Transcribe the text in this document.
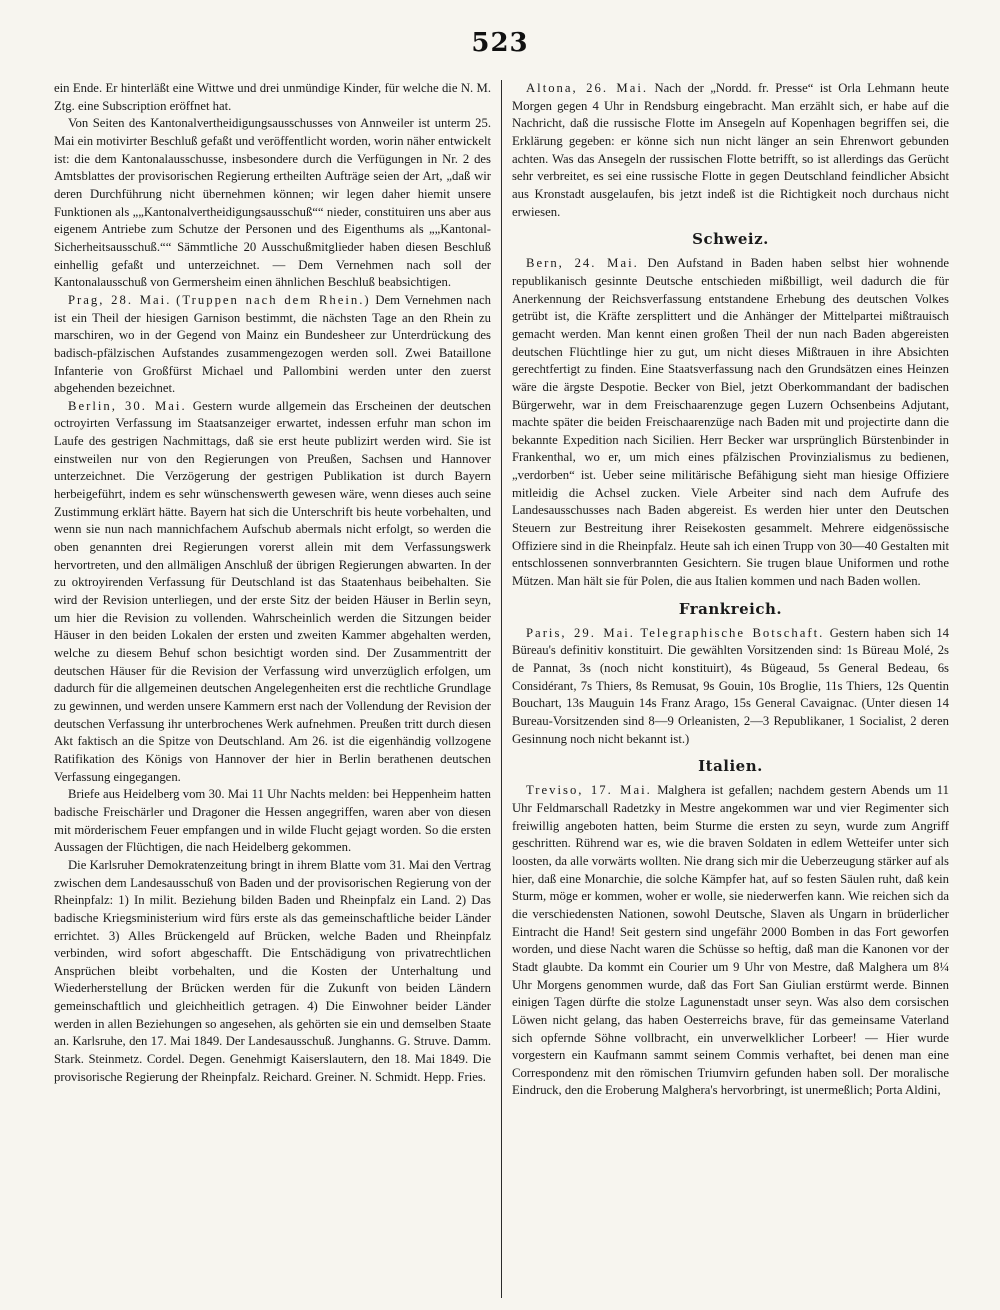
523

ein Ende. Er hinterläßt eine Wittwe und drei unmündige Kinder, für welche die N. M. Ztg. eine Subscription eröffnet hat.

Von Seiten des Kantonalvertheidigungsausschusses von Annweiler ist unterm 25. Mai ein motivirter Beschluß gefaßt und veröffentlicht worden, worin näher entwickelt ist: die dem Kantonalausschusse, insbesondere durch die Verfügungen in Nr. 2 des Amtsblattes der provisorischen Regierung ertheilten Aufträge seien der Art, „daß wir deren Durchführung nicht übernehmen können; wir legen daher hiemit unsere Funktionen als „„Kantonalvertheidigungsausschuß““ nieder, constituiren uns aber aus eigenem Antriebe zum Schutze der Personen und des Eigenthums als „„Kantonal-Sicherheitsausschuß.““ Sämmtliche 20 Ausschußmitglieder haben diesen Beschluß einhellig gefaßt und unterzeichnet. — Dem Vernehmen nach soll der Kantonalausschuß von Germersheim einen ähnlichen Beschluß beabsichtigen.

Prag, 28. Mai. (Truppen nach dem Rhein.) Dem Vernehmen nach ist ein Theil der hiesigen Garnison bestimmt, die nächsten Tage an den Rhein zu marschiren, wo in der Gegend von Mainz ein Bundesheer zur Unterdrückung des badisch-pfälzischen Aufstandes zusammengezogen werden soll. Zwei Bataillone Infanterie von Großfürst Michael und Pallombini werden unter den zuerst abgehenden bezeichnet.

Berlin, 30. Mai. Gestern wurde allgemein das Erscheinen der deutschen octroyirten Verfassung im Staatsanzeiger erwartet, indessen erfuhr man schon im Laufe des gestrigen Nachmittags, daß sie erst heute publizirt werden wird. Sie ist einstweilen nur von den Regierungen von Preußen, Sachsen und Hannover unterzeichnet. Die Verzögerung der gestrigen Publikation ist durch Bayern herbeigeführt, indem es sehr wünschenswerth gewesen wäre, wenn dieses auch seine Zustimmung erklärt hätte. Bayern hat sich die Unterschrift bis heute vorbehalten, und wenn sie nun nach mannichfachem Aufschub abermals nicht erfolgt, so werden die oben genannten drei Regierungen vorerst allein mit dem Verfassungswerk hervortreten, und den allmäligen Anschluß der übrigen Regierungen abwarten. In der zu oktroyirenden Verfassung für Deutschland ist das Staatenhaus beibehalten. Sie wird der Revision unterliegen, und der erste Sitz der beiden Häuser in Berlin seyn, um hier die Revision zu vollenden. Wahrscheinlich werden die Sitzungen beider Häuser in den beiden Lokalen der ersten und zweiten Kammer abgehalten werden, welche zu diesem Behuf schon besichtigt worden sind. Der Zusammentritt der deutschen Häuser für die Revision der Verfassung wird unverzüglich erfolgen, um dadurch für die allgemeinen deutschen Angelegenheiten erst die rechtliche Grundlage zu gewinnen, und werden unsere Kammern erst nach der Vollendung der Revision der deutschen Verfassung ihr unterbrochenes Werk aufnehmen. Preußen tritt durch diesen Akt faktisch an die Spitze von Deutschland. Am 26. ist die eigenhändig vollzogene Ratifikation des Königs von Hannover der hier in Berlin berathenen deutschen Verfassung eingegangen.

Briefe aus Heidelberg vom 30. Mai 11 Uhr Nachts melden: bei Heppenheim hatten badische Freischärler und Dragoner die Hessen angegriffen, waren aber von diesen mit mörderischem Feuer empfangen und in wilde Flucht gejagt worden. So die ersten Aussagen der Flüchtigen, die nach Heidelberg gekommen.

Die Karlsruher Demokratenzeitung bringt in ihrem Blatte vom 31. Mai den Vertrag zwischen dem Landesausschuß von Baden und der provisorischen Regierung von der Rheinpfalz: 1) In milit. Beziehung bilden Baden und Rheinpfalz ein Land. 2) Das badische Kriegsministerium wird fürs erste als das gemeinschaftliche beider Länder errichtet. 3) Alles Brückengeld auf Brücken, welche Baden und Rheinpfalz verbinden, wird sofort abgeschafft. Die Entschädigung von privatrechtlichen Ansprüchen bleibt vorbehalten, und die Kosten der Unterhaltung und Wiederherstellung der Brücken werden für die Zukunft von beiden Ländern gemeinschaftlich und gleichheitlich getragen. 4) Die Einwohner beider Länder werden in allen Beziehungen so angesehen, als gehörten sie ein und demselben Staate an. Karlsruhe, den 17. Mai 1849. Der Landesausschuß. Junghanns. G. Struve. Damm. Stark. Steinmetz. Cordel. Degen. Genehmigt Kaiserslautern, den 18. Mai 1849. Die provisorische Regierung der Rheinpfalz. Reichard. Greiner. N. Schmidt. Hepp. Fries.

Altona, 26. Mai. Nach der „Nordd. fr. Presse“ ist Orla Lehmann heute Morgen gegen 4 Uhr in Rendsburg eingebracht. Man erzählt sich, er habe auf die Nachricht, daß die russische Flotte im Ansegeln auf Kopenhagen begriffen sei, die Erklärung gegeben: er könne sich nun nicht länger an sein Ehrenwort gebunden achten. Was das Ansegeln der russischen Flotte betrifft, so ist allerdings das Gerücht sehr verbreitet, es sei eine russische Flotte in gegen Deutschland feindlicher Absicht aus Kronstadt ausgelaufen, bis jetzt indeß ist die Richtigkeit noch durchaus nicht erwiesen.

Schweiz.

Bern, 24. Mai. Den Aufstand in Baden haben selbst hier wohnende republikanisch gesinnte Deutsche entschieden mißbilligt, weil dadurch die für Anerkennung der Reichsverfassung entstandene Erhebung des deutschen Volkes getrübt ist, die Kräfte zersplittert und die Anhänger der Mittelpartei mißtrauisch gemacht werden. Man kennt einen großen Theil der nun nach Baden abgereisten deutschen Flüchtlinge hier zu gut, um nicht dieses Mißtrauen in ihre Absichten gerechtfertigt zu finden. Eine Staatsverfassung nach den Grundsätzen eines Heinzen wäre die ärgste Despotie. Becker von Biel, jetzt Oberkommandant der badischen Bürgerwehr, war in dem Freischaarenzuge gegen Luzern Ochsenbeins Adjutant, machte später die beiden Freischaarenzüge nach Baden mit und projectirte dann die bekannte Expedition nach Sicilien. Herr Becker war ursprünglich Bürstenbinder in Frankenthal, wo er, um mich eines pfälzischen Provinzialismus zu bedienen, „verdorben“ ist. Ueber seine militärische Befähigung sieht man hiesige Offiziere mitleidig die Achsel zucken. Viele Arbeiter sind nach dem Aufrufe des Landesausschusses nach Baden abgereist. Es werden hier unter den Deutschen Steuern zur Bestreitung ihrer Reisekosten gesammelt. Mehrere eidgenössische Offiziere sind in die Rheinpfalz. Heute sah ich einen Trupp von 30—40 Gestalten mit entschlossenen sonnverbrannten Gesichtern. Sie trugen blaue Uniformen und rothe Mützen. Man hält sie für Polen, die aus Italien kommen und nach Baden wollen.

Frankreich.

Paris, 29. Mai. Telegraphische Botschaft. Gestern haben sich 14 Büreau's definitiv konstituirt. Die gewählten Vorsitzenden sind: 1s Büreau Molé, 2s de Pannat, 3s (noch nicht konstituirt), 4s Bügeaud, 5s General Bedeau, 6s Considérant, 7s Thiers, 8s Remusat, 9s Gouin, 10s Broglie, 11s Thiers, 12s Quentin Bouchart, 13s Mauguin 14s Franz Arago, 15s General Cavaignac. (Unter diesen 14 Bureau-Vorsitzenden sind 8—9 Orleanisten, 2—3 Republikaner, 1 Socialist, 2 deren Gesinnung noch nicht bekannt ist.)

Italien.

Treviso, 17. Mai. Malghera ist gefallen; nachdem gestern Abends um 11 Uhr Feldmarschall Radetzky in Mestre angekommen war und vier Regimenter sich freiwillig angeboten hatten, beim Sturme die ersten zu seyn, wurde zum Angriff geschritten. Rührend war es, wie die braven Soldaten in edlem Wetteifer unter sich loosten, da alle vorwärts wollten. Nie drang sich mir die Ueberzeugung stärker auf als hier, daß eine Monarchie, die solche Kämpfer hat, auf so festen Säulen ruht, daß kein Sturm, möge er kommen, woher er wolle, sie niederwerfen kann. Wie reichen sich da die verschiedensten Nationen, sowohl Deutsche, Slaven als Ungarn in brüderlicher Eintracht die Hand! Seit gestern sind ungefähr 2000 Bomben in das Fort geworfen worden, und diese Nacht waren die Schüsse so heftig, daß man die Kanonen vor der Stadt glaubte. Da kommt ein Courier um 9 Uhr von Mestre, daß Malghera um 8¼ Uhr Morgens genommen wurde, daß das Fort San Giulian erstürmt werde. Binnen einigen Tagen dürfte die stolze Lagunenstadt unser seyn. Was also dem corsischen Löwen nicht gelang, das haben Oesterreichs brave, für das gemeinsame Vaterland sich opfernde Söhne vollbracht, ein unverwelklicher Lorbeer! — Hier wurde vorgestern ein Kaufmann sammt seinem Commis verhaftet, bei denen man eine Correspondenz mit den römischen Triumvirn gefunden haben soll. Der moralische Eindruck, den die Eroberung Malghera's hervorbringt, ist unermeßlich; Porta Aldini,
